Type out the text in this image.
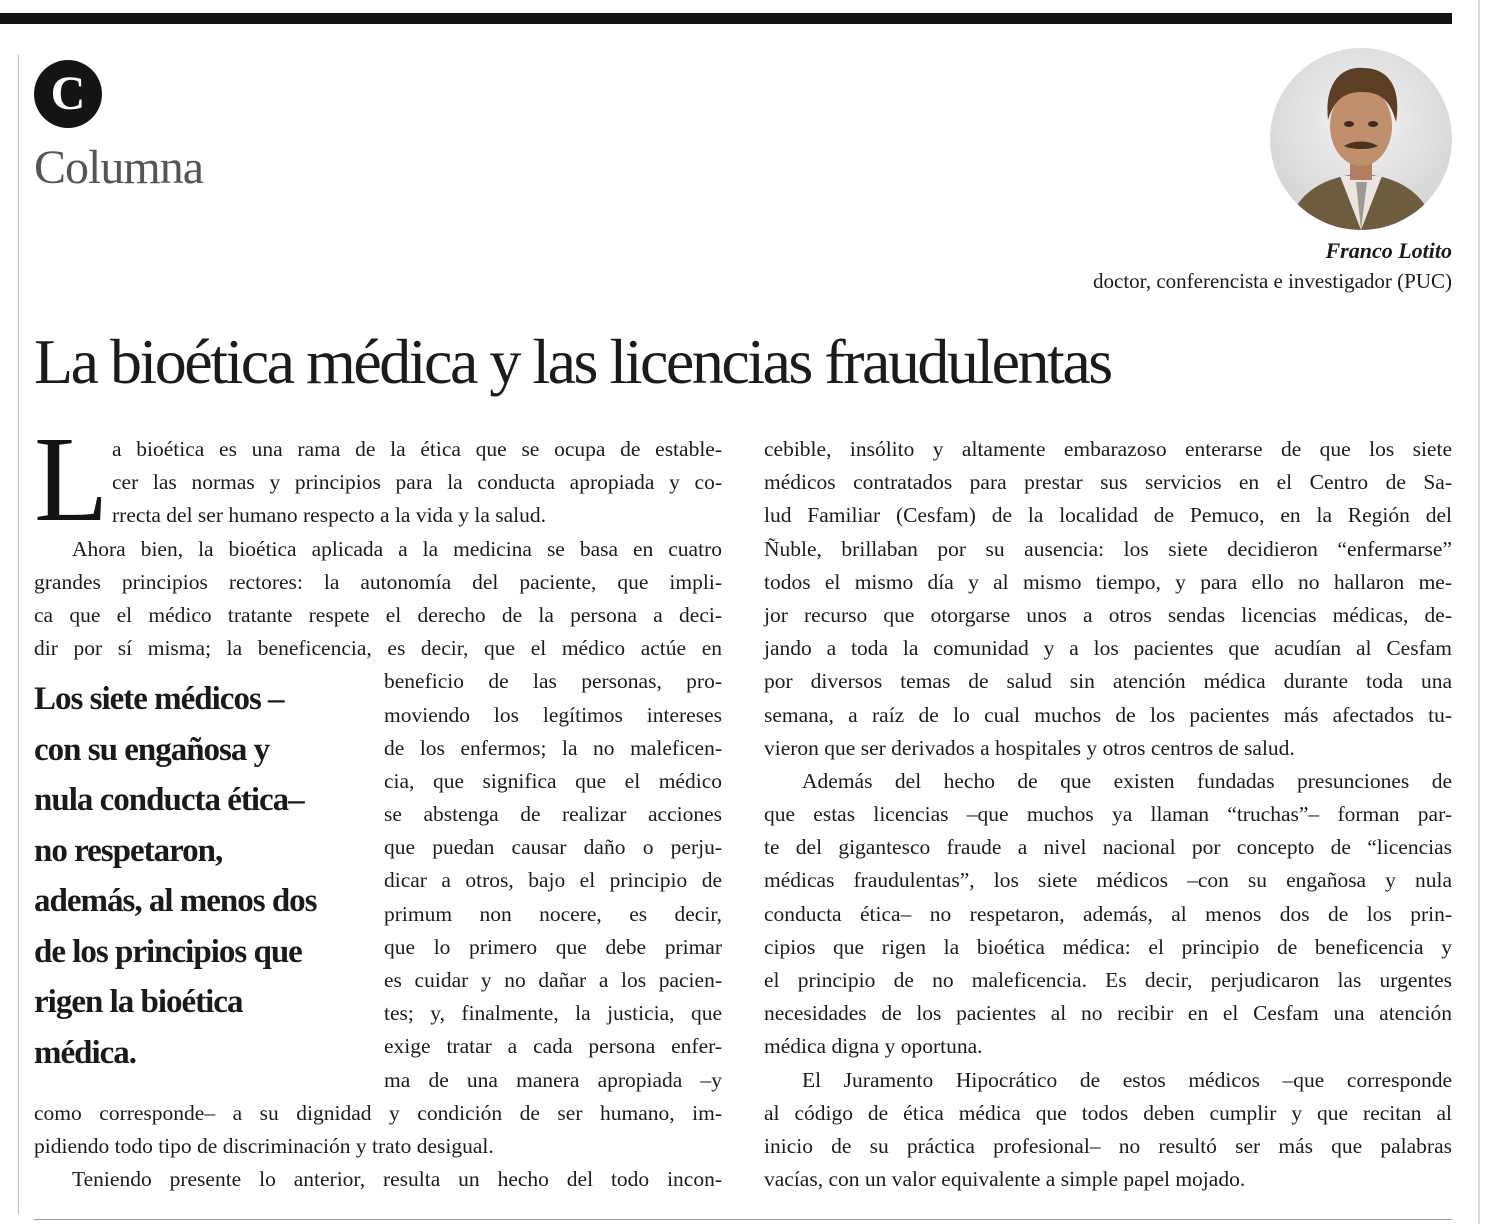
C
Columna
Franco Lotito
doctor, conferencista e investigador (PUC)
La bioética médica y las licencias fraudulentas
L a bioética es una rama de la ética que se ocupa de estable-
cer las normas y principios para la conducta apropiada y co-
rrecta del ser humano respecto a la vida y la salud.
Ahora bien, la bioética aplicada a la medicina se basa en cuatro
grandes principios rectores: la autonomía del paciente, que impli-
ca que el médico tratante respete el derecho de la persona a deci-
dir por sí misma; la beneficencia, es decir, que el médico actúe en
beneficio de las personas, pro-
moviendo los legítimos intereses
de los enfermos; la no maleficen-
cia, que significa que el médico
se abstenga de realizar acciones
que puedan causar daño o perju-
dicar a otros, bajo el principio de
primum non nocere, es decir,
que lo primero que debe primar
es cuidar y no dañar a los pacien-
tes; y, finalmente, la justicia, que
exige tratar a cada persona enfer-
ma de una manera apropiada –y
como corresponde– a su dignidad y condición de ser humano, im-
pidiendo todo tipo de discriminación y trato desigual.
Teniendo presente lo anterior, resulta un hecho del todo incon-
Los siete médicos –
con su engañosa y
nula conducta ética–
no respetaron,
además, al menos dos
de los principios que
rigen la bioética
médica.
cebible, insólito y altamente embarazoso enterarse de que los siete
médicos contratados para prestar sus servicios en el Centro de Sa-
lud Familiar (Cesfam) de la localidad de Pemuco, en la Región del
Ñuble, brillaban por su ausencia: los siete decidieron “enfermarse”
todos el mismo día y al mismo tiempo, y para ello no hallaron me-
jor recurso que otorgarse unos a otros sendas licencias médicas, de-
jando a toda la comunidad y a los pacientes que acudían al Cesfam
por diversos temas de salud sin atención médica durante toda una
semana, a raíz de lo cual muchos de los pacientes más afectados tu-
vieron que ser derivados a hospitales y otros centros de salud.
Además del hecho de que existen fundadas presunciones de
que estas licencias –que muchos ya llaman “truchas”– forman par-
te del gigantesco fraude a nivel nacional por concepto de “licencias
médicas fraudulentas”, los siete médicos –con su engañosa y nula
conducta ética– no respetaron, además, al menos dos de los prin-
cipios que rigen la bioética médica: el principio de beneficencia y
el principio de no maleficencia. Es decir, perjudicaron las urgentes
necesidades de los pacientes al no recibir en el Cesfam una atención
médica digna y oportuna.
El Juramento Hipocrático de estos médicos –que corresponde
al código de ética médica que todos deben cumplir y que recitan al
inicio de su práctica profesional– no resultó ser más que palabras
vacías, con un valor equivalente a simple papel mojado.
